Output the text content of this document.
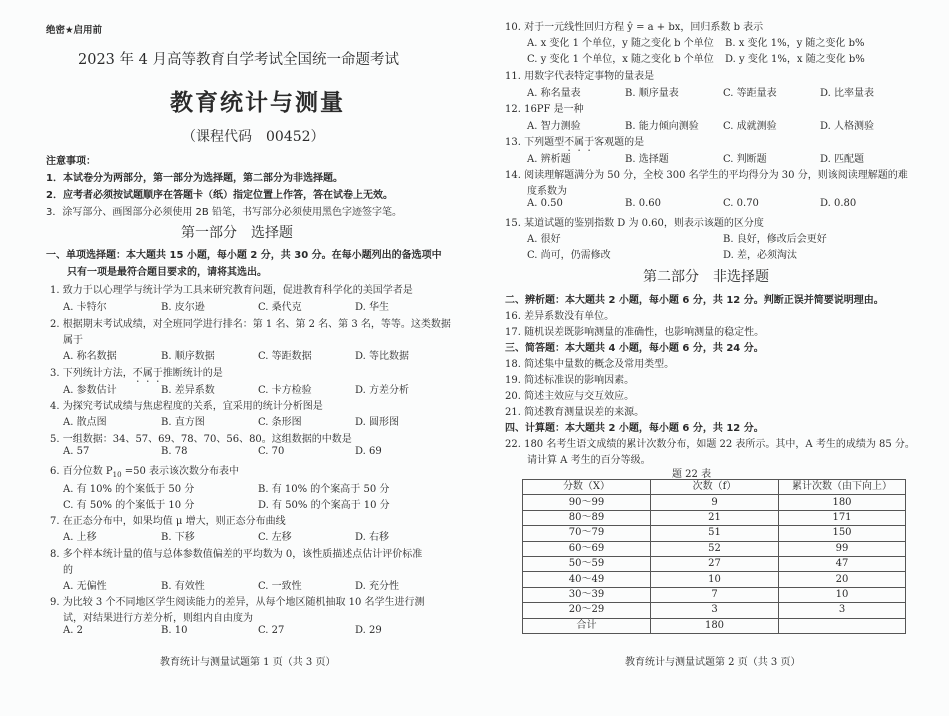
绝密★启用前
2023 年 4 月高等教育自学考试全国统一命题考试
教育统计与测量
（课程代码　00452）
注意事项：
1．本试卷分为两部分，第一部分为选择题，第二部分为非选择题。
2．应考者必须按试题顺序在答题卡（纸）指定位置上作答，答在试卷上无效。
3．涂写部分、画图部分必须使用 2B 铅笔，书写部分必须使用黑色字迹签字笔。
第一部分　选择题
一、单项选择题：本大题共 15 小题，每小题 2 分，共 30 分。在每小题列出的备选项中
只有一项是最符合题目要求的，请将其选出。
1. 致力于以心理学与统计学为工具来研究教育问题，促进教育科学化的美国学者是
A. 卡特尔	B. 皮尔逊	C. 桑代克	D. 华生
2. 根据期末考试成绩，对全班同学进行排名：第 1 名、第 2 名、第 3 名，等等。这类数据
属于
A. 称名数据	B. 顺序数据	C. 等距数据	D. 等比数据
3. 下列统计方法，不属于推断统计的是
A. 参数估计	B. 差异系数	C. 卡方检验	D. 方差分析
4. 为探究考试成绩与焦虑程度的关系，宜采用的统计分析图是
A. 散点图	B. 直方图	C. 条形图	D. 圆形图
5. 一组数据：34、57、69、78、70、56、80。这组数据的中数是
A. 57	B. 78	C. 70	D. 69
6. 百分位数 $P_{10} =50$ 表示该次数分布表中
A. 有 10% 的个案低于 50 分	B. 有 10% 的个案高于 50 分
C. 有 50% 的个案低于 10 分	D. 有 50% 的个案高于 10 分
7. 在正态分布中，如果均值 μ 增大，则正态分布曲线
A. 上移	B. 下移	C. 左移	D. 右移
8. 多个样本统计量的值与总体参数值偏差的平均数为 0，该性质描述点估计评价标准
的
A. 无偏性	B. 有效性	C. 一致性	D. 充分性
9. 为比较 3 个不同地区学生阅读能力的差异，从每个地区随机抽取 10 名学生进行测
试，对结果进行方差分析，则组内自由度为
A. 2	B. 10	C. 27	D. 29
教育统计与测量试题第 1 页（共 3 页）
10. 对于一元线性回归方程 ŷ = a + bx，回归系数 b 表示
A. x 变化 1 个单位，y 随之变化 b 个单位 B. x 变化 1%，y 随之变化 b%
C. y 变化 1 个单位，x 随之变化 b 个单位 D. y 变化 1%，x 随之变化 b%
11. 用数字代表特定事物的量表是
A. 称名量表	B. 顺序量表	C. 等距量表	D. 比率量表
12. 16PF 是一种
A. 智力测验	B. 能力倾向测验 C. 成就测验	D. 人格测验
13. 下列题型不属于客观题的是
A. 辨析题	B. 选择题	C. 判断题	D. 匹配题
14. 阅读理解题满分为 50 分，全校 300 名学生的平均得分为 30 分，则该阅读理解题的难
度系数为
A. 0.50	B. 0.60	C. 0.70	D. 0.80
15. 某道试题的鉴别指数 D 为 0.60，则表示该题的区分度
A. 很好	B. 良好，修改后会更好
C. 尚可，仍需修改	D. 差，必须淘汰
第二部分　非选择题
二、辨析题：本大题共 2 小题，每小题 6 分，共 12 分。判断正误并简要说明理由。
16. 差异系数没有单位。
17. 随机误差既影响测量的准确性，也影响测量的稳定性。
三、简答题：本大题共 4 小题，每小题 6 分，共 24 分。
18. 简述集中量数的概念及常用类型。
19. 简述标准误的影响因素。
20. 简述主效应与交互效应。
21. 简述教育测量误差的来源。
四、计算题：本大题共 2 小题，每小题 6 分，共 12 分。
22. 180 名考生语文成绩的累计次数分布，如题 22 表所示。其中，A 考生的成绩为 85 分。
请计算 A 考生的百分等级。
题 22 表
分数（X）	次数（f）	累计次数（由下向上）
90～99	9	180
80～89	21	171
70～79	51	150
60～69	52	99
50～59	27	47
40～49	10	20
30～39	7	10
20～29	3	3
合计	180	
教育统计与测量试题第 2 页（共 3 页）
